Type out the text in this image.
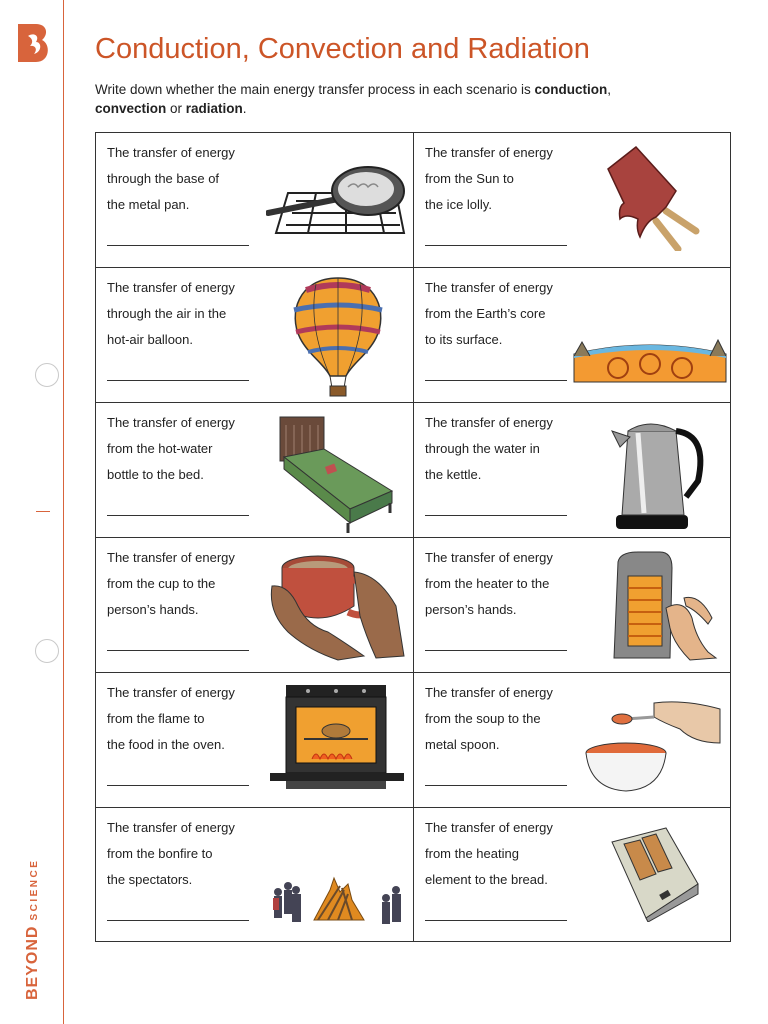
BEYONDSCIENCE
Conduction, Convection and Radiation
Write down whether the main energy transfer process in each scenario is conduction,
convection or radiation.
The transfer of energy
through the base of
the metal pan.
The transfer of energy
from the Sun to
the ice lolly.
The transfer of energy
through the air in the
hot-air balloon.
The transfer of energy
from the Earth’s core
to its surface.
The transfer of energy
from the hot-water
bottle to the bed.
The transfer of energy
through the water in
the kettle.
The transfer of energy
from the cup to the
person’s hands.
The transfer of energy
from the heater to the
person’s hands.
The transfer of energy
from the flame to
the food in the oven.
The transfer of energy
from the soup to the
metal spoon.
The transfer of energy
from the bonfire to
the spectators.
The transfer of energy
from the heating
element to the bread.
